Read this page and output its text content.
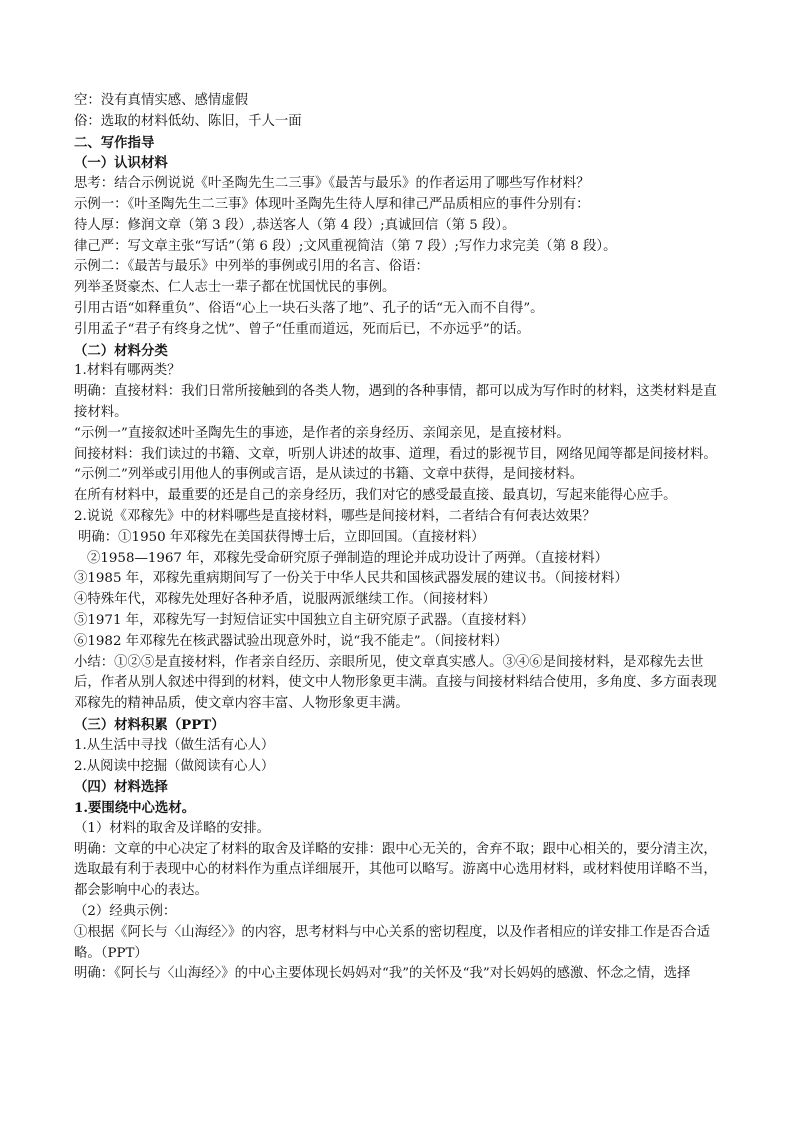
空：没有真情实感、感情虚假
俗：选取的材料低幼、陈旧，千人一面
二、写作指导
（一）认识材料
思考：结合示例说说《叶圣陶先生二三事》《最苦与最乐》的作者运用了哪些写作材料？
示例一：《叶圣陶先生二三事》体现叶圣陶先生待人厚和律己严品质相应的事件分别有：
待人厚：修润文章（第 3 段）,恭送客人（第 4 段）;真诚回信（第 5 段）。
律己严：写文章主张“写话”（第 6 段）;文风重视简洁（第 7 段）;写作力求完美（第 8 段）。
示例二：《最苦与最乐》中列举的事例或引用的名言、俗语：
列举圣贤豪杰、仁人志士一辈子都在忧国忧民的事例。
引用古语“如释重负”、俗语“心上一块石头落了地”、孔子的话“无入而不自得”。
引用孟子“君子有终身之忧”、曾子“任重而道远，死而后已，不亦远乎”的话。
（二）材料分类
1.材料有哪两类？
明确：直接材料：我们日常所接触到的各类人物，遇到的各种事情，都可以成为写作时的材料，这类材料是直接材料。
“示例一”直接叙述叶圣陶先生的事迹，是作者的亲身经历、亲闻亲见，是直接材料。
间接材料：我们读过的书籍、文章，听别人讲述的故事、道理，看过的影视节目，网络见闻等都是间接材料。
“示例二”列举或引用他人的事例或言语，是从读过的书籍、文章中获得，是间接材料。
在所有材料中，最重要的还是自己的亲身经历，我们对它的感受最直接、最真切，写起来能得心应手。
2.说说《邓稼先》中的材料哪些是直接材料，哪些是间接材料，二者结合有何表达效果？
明确：①1950 年邓稼先在美国获得博士后，立即回国。（直接材料）
②1958—1967 年，邓稼先受命研究原子弹制造的理论并成功设计了两弹。（直接材料）
③1985 年，邓稼先重病期间写了一份关于中华人民共和国核武器发展的建议书。（间接材料）
④特殊年代，邓稼先处理好各种矛盾，说服两派继续工作。（间接材料）
⑤1971 年，邓稼先写一封短信证实中国独立自主研究原子武器。（直接材料）
⑥1982 年邓稼先在核武器试验出现意外时，说“我不能走”。（间接材料）
小结：①②⑤是直接材料，作者亲自经历、亲眼所见，使文章真实感人。③④⑥是间接材料，是邓稼先去世后，作者从别人叙述中得到的材料，使文中人物形象更丰满。直接与间接材料结合使用，多角度、多方面表现邓稼先的精神品质，使文章内容丰富、人物形象更丰满。
（三）材料积累（PPT）
1.从生活中寻找（做生活有心人）
2.从阅读中挖掘（做阅读有心人）
（四）材料选择
1.要围绕中心选材。
（1）材料的取舍及详略的安排。
明确：文章的中心决定了材料的取舍及详略的安排：跟中心无关的，舍弃不取；跟中心相关的，要分清主次，选取最有利于表现中心的材料作为重点详细展开，其他可以略写。游离中心选用材料，或材料使用详略不当，都会影响中心的表达。
（2）经典示例：
①根据《阿长与〈山海经〉》的内容，思考材料与中心关系的密切程度，以及作者相应的详安排工作是否合适略。（PPT）
明确：《阿长与〈山海经〉》的中心主要体现长妈妈对“我”的关怀及“我”对长妈妈的感激、怀念之情，选择
